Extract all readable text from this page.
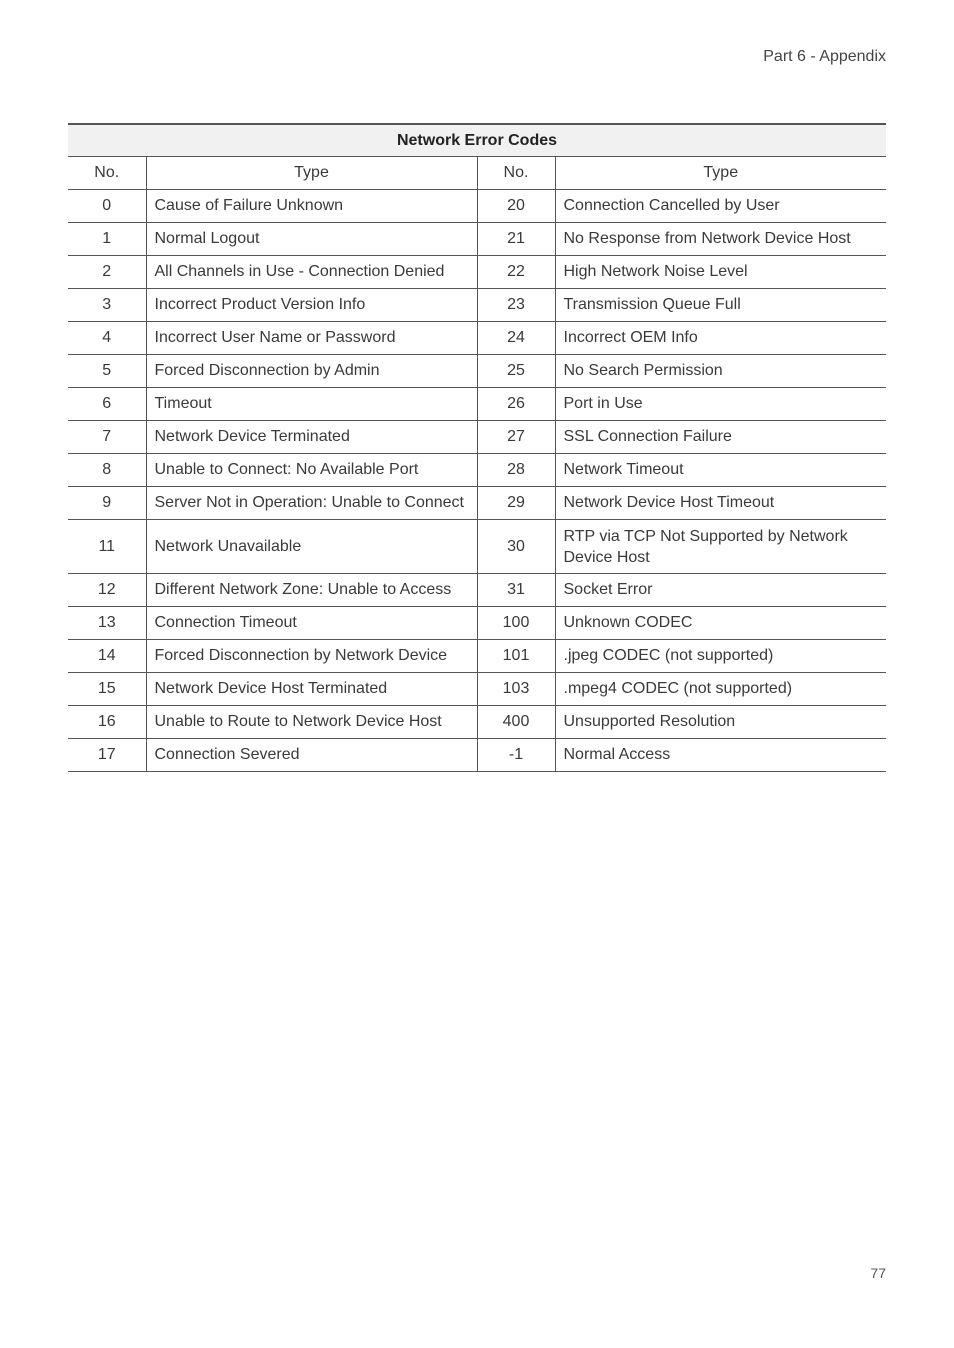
Part 6 - Appendix
Network Error Codes			
No.	Type	No.	Type
0	Cause of Failure Unknown	20	Connection Cancelled by User
1	Normal Logout	21	No Response from Network Device Host
2	All Channels in Use - Connection Denied	22	High Network Noise Level
3	Incorrect Product Version Info	23	Transmission Queue Full
4	Incorrect User Name or Password	24	Incorrect OEM Info
5	Forced Disconnection by Admin	25	No Search Permission
6	Timeout	26	Port in Use
7	Network Device Terminated	27	SSL Connection Failure
8	Unable to Connect: No Available Port	28	Network Timeout
9	Server Not in Operation: Unable to Connect	29	Network Device Host Timeout
11	Network Unavailable	30	RTP via TCP Not Supported by Network Device Host
12	Different Network Zone: Unable to Access	31	Socket Error
13	Connection Timeout	100	Unknown CODEC
14	Forced Disconnection by Network Device	101	.jpeg CODEC (not supported)
15	Network Device Host Terminated	103	.mpeg4 CODEC (not supported)
16	Unable to Route to Network Device Host	400	Unsupported Resolution
17	Connection Severed	-1	Normal Access
77
